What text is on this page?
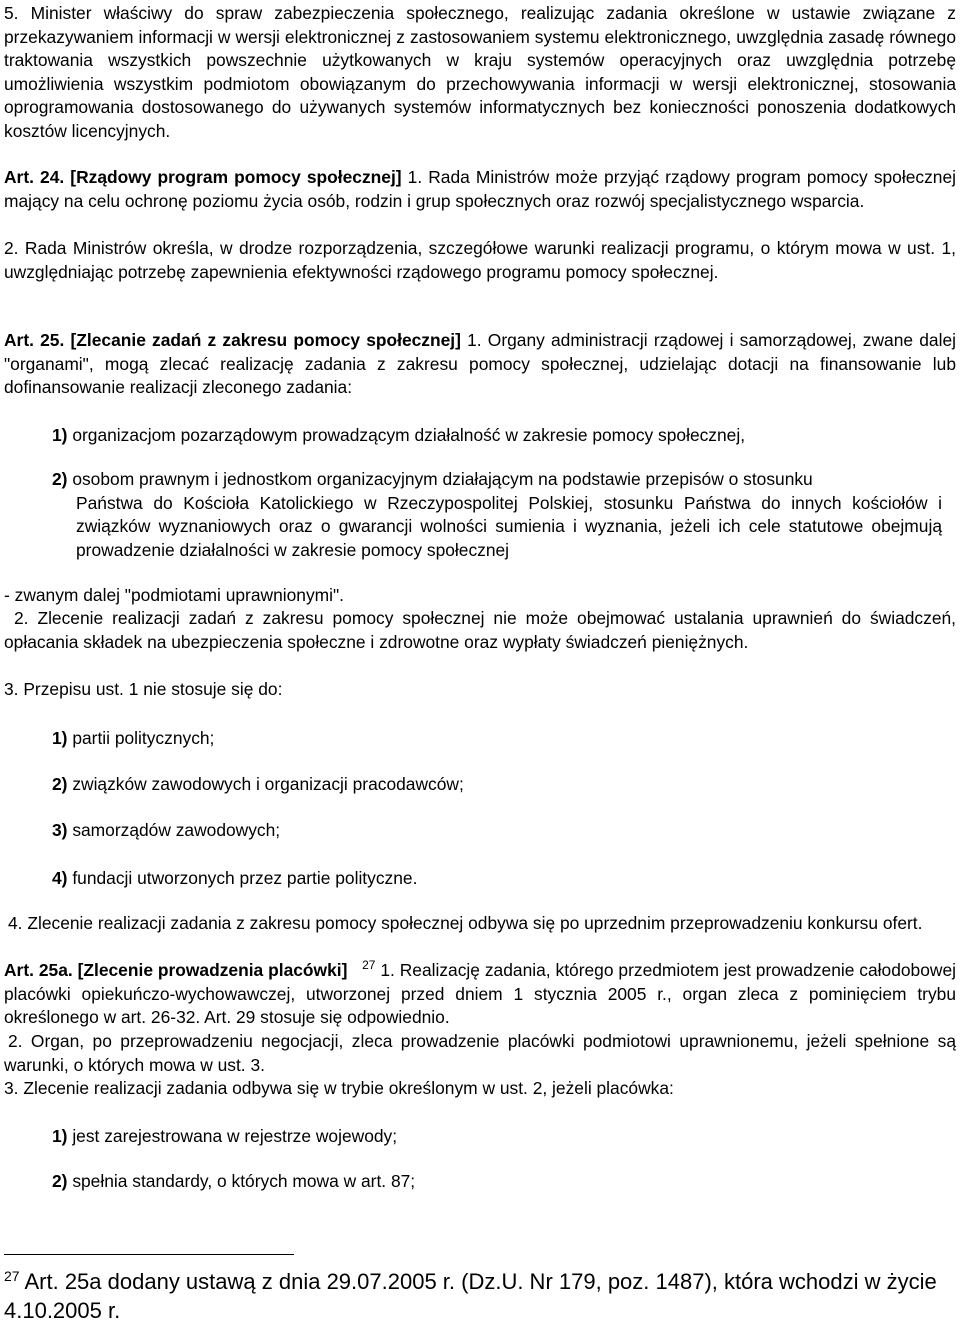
5. Minister właściwy do spraw zabezpieczenia społecznego, realizując zadania określone w ustawie związane z przekazywaniem informacji w wersji elektronicznej z zastosowaniem systemu elektronicznego, uwzględnia zasadę równego traktowania wszystkich powszechnie użytkowanych w kraju systemów operacyjnych oraz uwzględnia potrzebę umożliwienia wszystkim podmiotom obowiązanym do przechowywania informacji w wersji elektronicznej, stosowania oprogramowania dostosowanego do używanych systemów informatycznych bez konieczności ponoszenia dodatkowych kosztów licencyjnych.
Art. 24. [Rządowy program pomocy społecznej] 1. Rada Ministrów może przyjąć rządowy program pomocy społecznej mający na celu ochronę poziomu życia osób, rodzin i grup społecznych oraz rozwój specjalistycznego wsparcia.
2. Rada Ministrów określa, w drodze rozporządzenia, szczegółowe warunki realizacji programu, o którym mowa w ust. 1, uwzględniając potrzebę zapewnienia efektywności rządowego programu pomocy społecznej.
Art. 25. [Zlecanie zadań z zakresu pomocy społecznej] 1. Organy administracji rządowej i samorządowej, zwane dalej "organami", mogą zlecać realizację zadania z zakresu pomocy społecznej, udzielając dotacji na finansowanie lub dofinansowanie realizacji zleconego zadania:
1) organizacjom pozarządowym prowadzącym działalność w zakresie pomocy społecznej,
2) osobom prawnym i jednostkom organizacyjnym działającym na podstawie przepisów o stosunku
Państwa do Kościoła Katolickiego w Rzeczypospolitej Polskiej, stosunku Państwa do innych kościołów i związków wyznaniowych oraz o gwarancji wolności sumienia i wyznania, jeżeli ich cele statutowe obejmują prowadzenie działalności w zakresie pomocy społecznej
- zwanym dalej "podmiotami uprawnionymi".
2. Zlecenie realizacji zadań z zakresu pomocy społecznej nie może obejmować ustalania uprawnień do świadczeń, opłacania składek na ubezpieczenia społeczne i zdrowotne oraz wypłaty świadczeń pieniężnych.
3. Przepisu ust. 1 nie stosuje się do:
1) partii politycznych;
2) związków zawodowych i organizacji pracodawców;
3) samorządów zawodowych;
4) fundacji utworzonych przez partie polityczne.
4. Zlecenie realizacji zadania z zakresu pomocy społecznej odbywa się po uprzednim przeprowadzeniu konkursu ofert.
Art. 25a. [Zlecenie prowadzenia placówki] $^{27}$ 1. Realizację zadania, którego przedmiotem jest prowadzenie całodobowej placówki opiekuńczo-wychowawczej, utworzonej przed dniem 1 stycznia 2005 r., organ zleca z pominięciem trybu określonego w art. 26-32. Art. 29 stosuje się odpowiednio.
2. Organ, po przeprowadzeniu negocjacji, zleca prowadzenie placówki podmiotowi uprawnionemu, jeżeli spełnione są warunki, o których mowa w ust. 3.
3. Zlecenie realizacji zadania odbywa się w trybie określonym w ust. 2, jeżeli placówka:
1) jest zarejestrowana w rejestrze wojewody;
2) spełnia standardy, o których mowa w art. 87;
$^{27}$ Art. 25a dodany ustawą z dnia 29.07.2005 r. (Dz.U. Nr 179, poz. 1487), która wchodzi w życie 4.10.2005 r.
